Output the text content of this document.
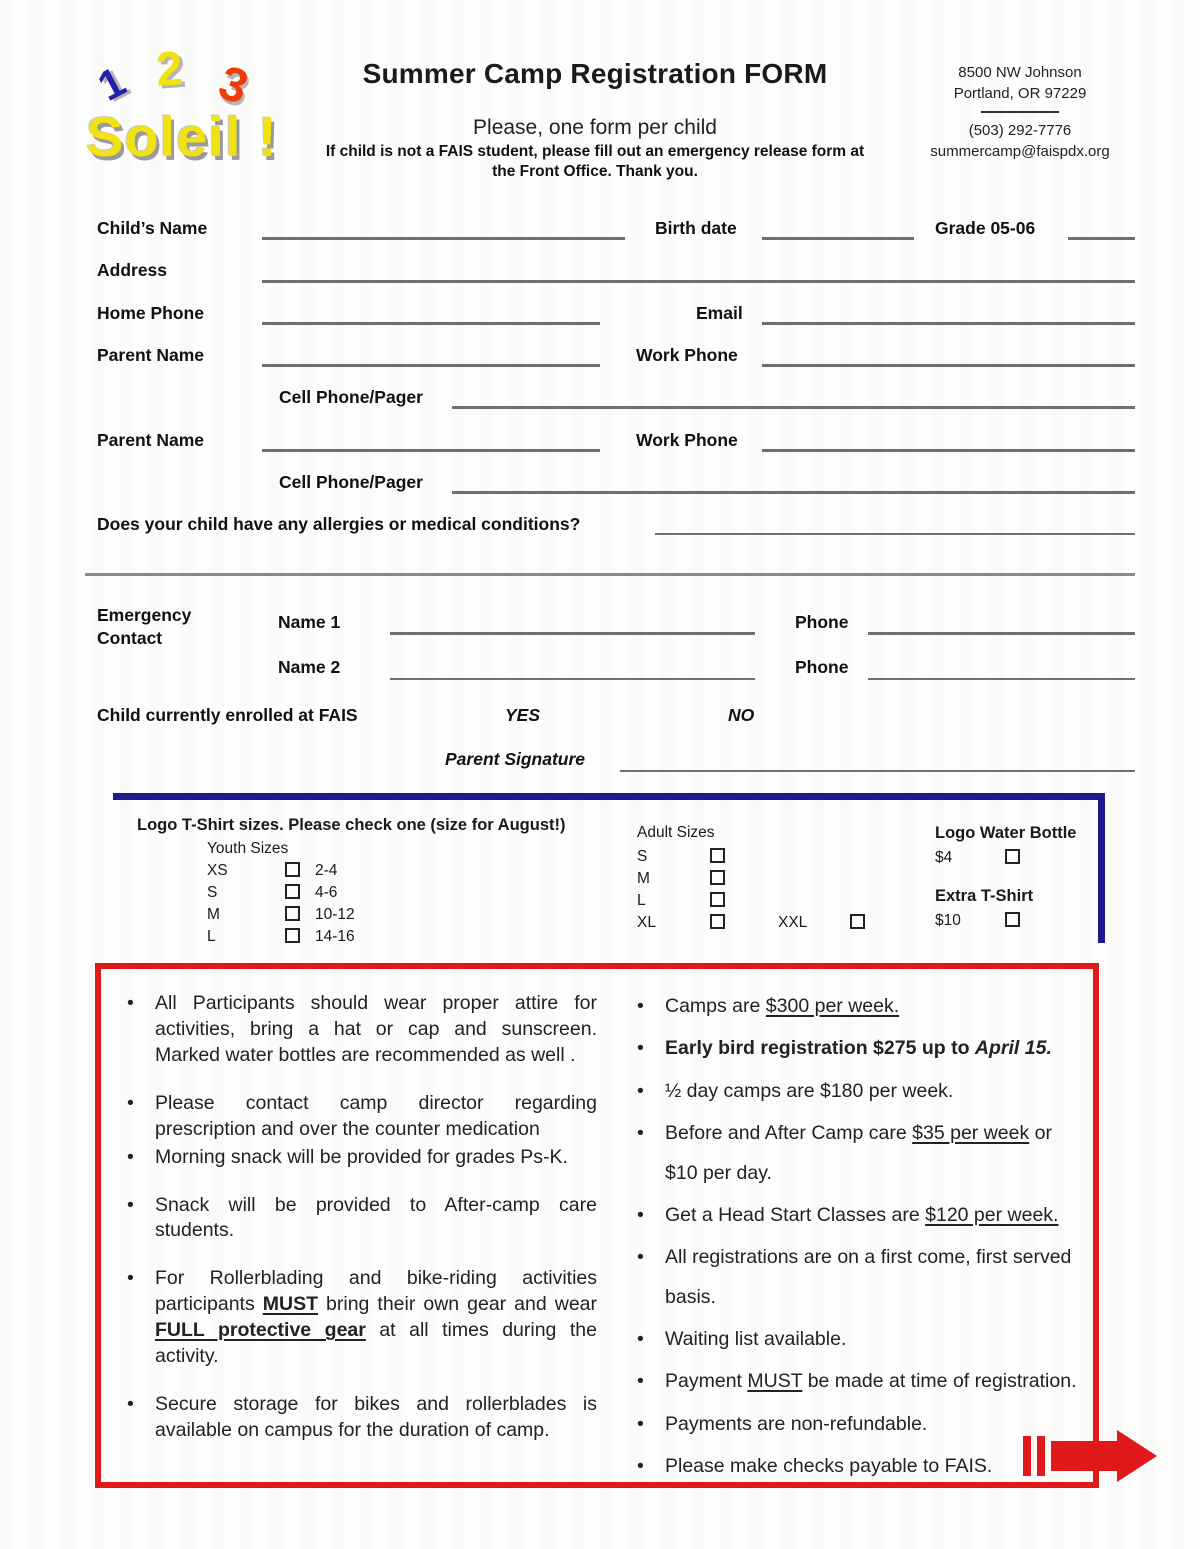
1 2 3
Soleil !
Summer Camp Registration FORM
Please, one form per child
If child is not a FAIS student, please fill out an emergency release form at
the Front Office. Thank you.
8500 NW Johnson
Portland, OR 97229
(503) 292-7776
summercamp@faispdx.org
Child’s Name	Birth date	Grade 05-06
Address
Home Phone	Email
Parent Name	Work Phone
Cell Phone/Pager
Parent Name	Work Phone
Cell Phone/Pager
Does your child have any allergies or medical conditions?
Emergency
Contact
Name 1	Phone
Name 2	Phone
Child currently enrolled at FAIS	YES	NO
Parent Signature
Logo T-Shirt sizes. Please check one (size for August!)
Youth Sizes
XS	2-4
S	4-6
M	10-12
L	14-16
Adult Sizes
S
M
L
XL	XXL
Logo Water Bottle
$4
Extra T-Shirt
$10
• All Participants should wear proper attire for activities, bring a hat or cap and sunscreen. Marked water bottles are recommended as well .
• Please contact camp director regarding prescription and over the counter medication
• Morning snack will be provided for grades Ps-K.
• Snack will be provided to After-camp care students.
• For Rollerblading and bike-riding activities participants MUST bring their own gear and wear FULL protective gear at all times during the activity.
• Secure storage for bikes and rollerblades is available on campus for the duration of camp.
• Camps are $300 per week.
• Early bird registration $275 up to April 15.
• ½ day camps are $180 per week.
• Before and After Camp care $35 per week or $10 per day.
• Get a Head Start Classes are $120 per week.
• All registrations are on a first come, first served basis.
• Waiting list available.
• Payment MUST be made at time of registration.
• Payments are non-refundable.
• Please make checks payable to FAIS.
